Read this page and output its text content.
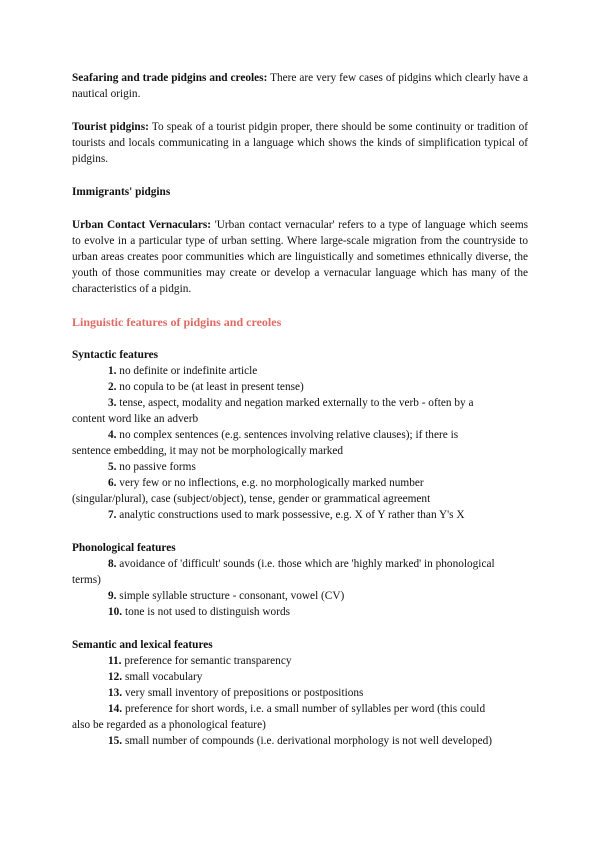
Seafaring and trade pidgins and creoles: There are very few cases of pidgins which clearly have a nautical origin.

Tourist pidgins: To speak of a tourist pidgin proper, there should be some continuity or tradition of tourists and locals communicating in a language which shows the kinds of simplification typical of pidgins.

Immigrants' pidgins

Urban Contact Vernaculars: 'Urban contact vernacular' refers to a type of language which seems to evolve in a particular type of urban setting. Where large-scale migration from the countryside to urban areas creates poor communities which are linguistically and sometimes ethnically diverse, the youth of those communities may create or develop a vernacular language which has many of the characteristics of a pidgin.

Linguistic features of pidgins and creoles

Syntactic features

1. no definite or indefinite article
2. no copula to be (at least in present tense)
3. tense, aspect, modality and negation marked externally to the verb - often by a
content word like an adverb
4. no complex sentences (e.g. sentences involving relative clauses); if there is
sentence embedding, it may not be morphologically marked
5. no passive forms
6. very few or no inflections, e.g. no morphologically marked number
(singular/plural), case (subject/object), tense, gender or grammatical agreement
7. analytic constructions used to mark possessive, e.g. X of Y rather than Y's X

Phonological features

8. avoidance of 'difficult' sounds (i.e. those which are 'highly marked' in phonological
terms)
9. simple syllable structure - consonant, vowel (CV)
10. tone is not used to distinguish words

Semantic and lexical features

11. preference for semantic transparency
12. small vocabulary
13. very small inventory of prepositions or postpositions
14. preference for short words, i.e. a small number of syllables per word (this could
also be regarded as a phonological feature)
15. small number of compounds (i.e. derivational morphology is not well developed)
